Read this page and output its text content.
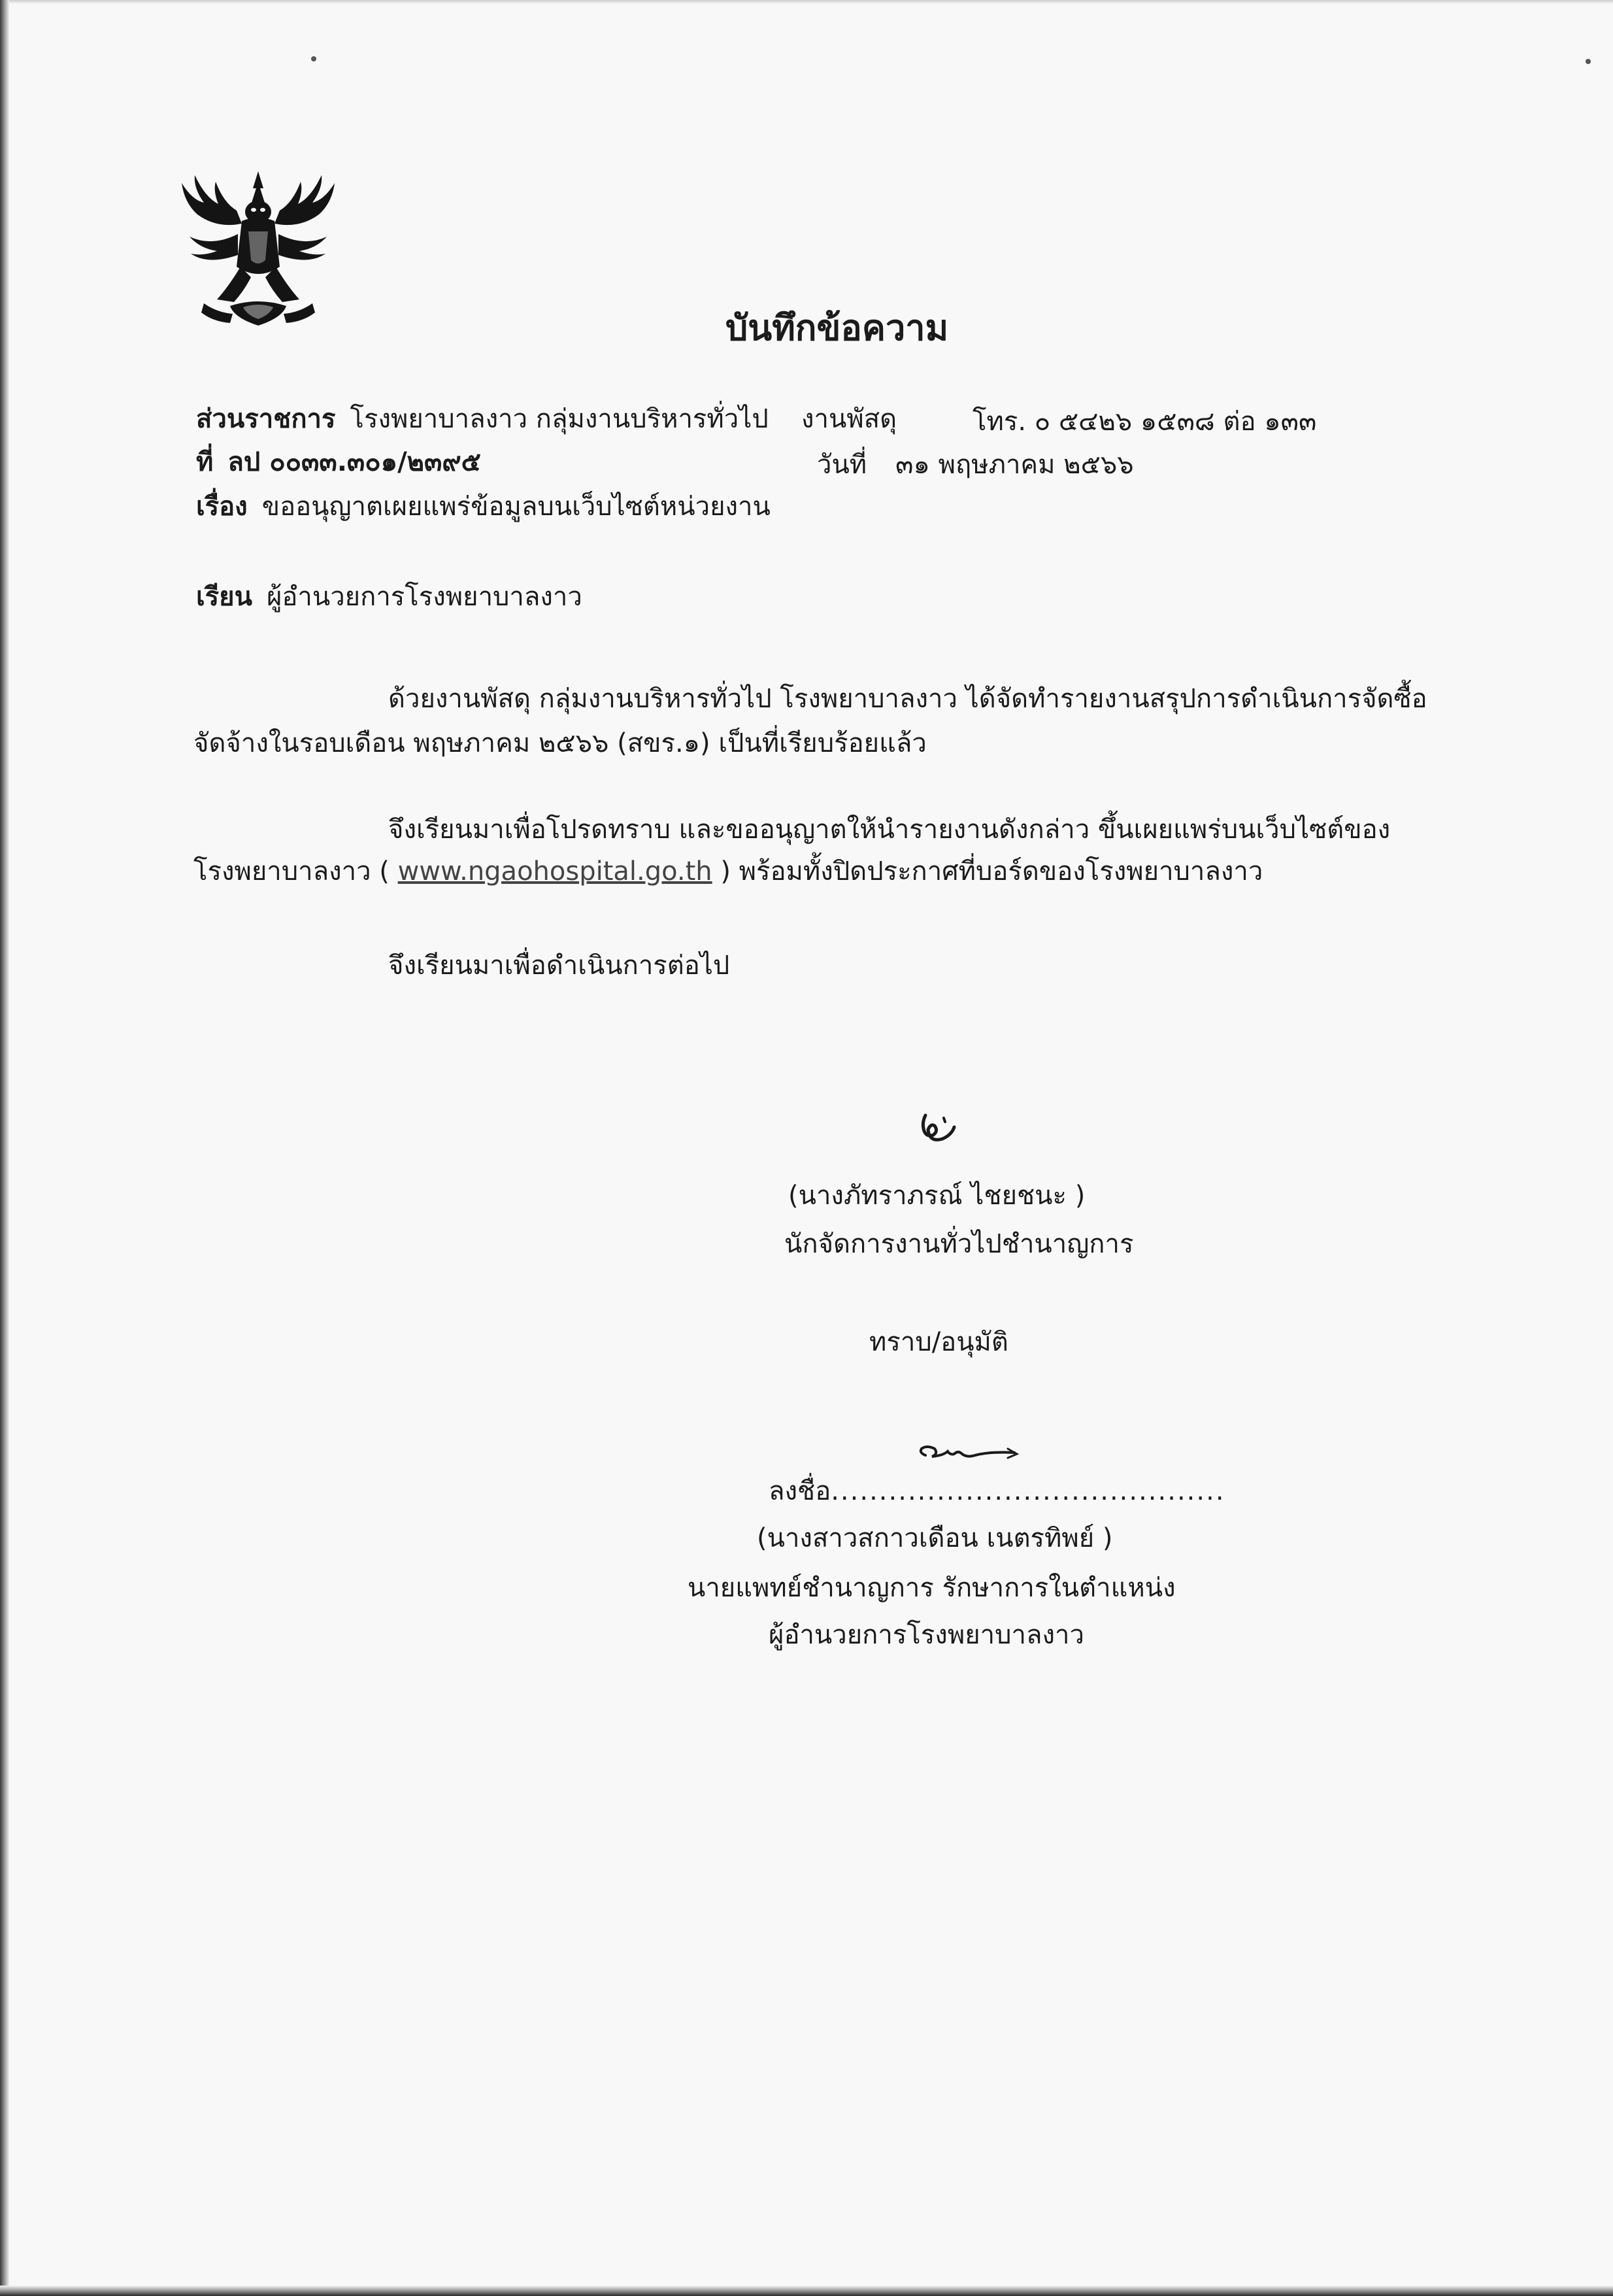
บันทึกข้อความ
ส่วนราชการ โรงพยาบาลงาว กลุ่มงานบริหารทั่วไป งานพัสดุ	โทร. ๐ ๕๔๒๖ ๑๕๓๘ ต่อ ๑๓๓
ที่ ลป ๐๐๓๓.๓๐๑/๒๓๙๕	วันที่ ๓๑ พฤษภาคม ๒๕๖๖
เรื่อง ขออนุญาตเผยแพร่ข้อมูลบนเว็บไซต์หน่วยงาน
เรียน ผู้อำนวยการโรงพยาบาลงาว
ด้วยงานพัสดุ กลุ่มงานบริหารทั่วไป โรงพยาบาลงาว ได้จัดทำรายงานสรุปการดำเนินการจัดซื้อ
จัดจ้างในรอบเดือน พฤษภาคม ๒๕๖๖ (สขร.๑) เป็นที่เรียบร้อยแล้ว
จึงเรียนมาเพื่อโปรดทราบ และขออนุญาตให้นำรายงานดังกล่าว ขึ้นเผยแพร่บนเว็บไซต์ของ
โรงพยาบาลงาว ( www.ngaohospital.go.th ) พร้อมทั้งปิดประกาศที่บอร์ดของโรงพยาบาลงาว
จึงเรียนมาเพื่อดำเนินการต่อไป
(นางภัทราภรณ์ ไชยชนะ )
นักจัดการงานทั่วไปชำนาญการ
ทราบ/อนุมัติ
ลงชื่อ.........................................
(นางสาวสกาวเดือน เนตรทิพย์ )
นายแพทย์ชำนาญการ รักษาการในตำแหน่ง
ผู้อำนวยการโรงพยาบาลงาว
